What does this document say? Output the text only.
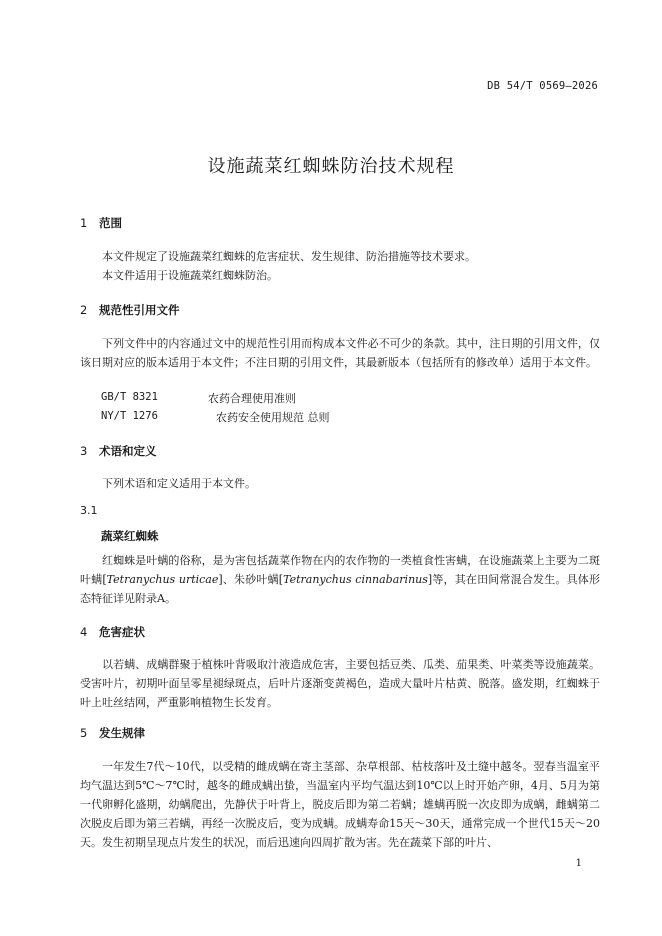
DB 54/T 0569—2026
设施蔬菜红蜘蛛防治技术规程
1 范围
本文件规定了设施蔬菜红蜘蛛的危害症状、发生规律、防治措施等技术要求。
本文件适用于设施蔬菜红蜘蛛防治。
2 规范性引用文件
下列文件中的内容通过文中的规范性引用而构成本文件必不可少的条款。其中，注日期的引用文件，仅该日期对应的版本适用于本文件；不注日期的引用文件，其最新版本（包括所有的修改单）适用于本文件。
GB/T 8321	农药合理使用准则
NY/T 1276	农药安全使用规范 总则
3 术语和定义
下列术语和定义适用于本文件。
3.1
蔬菜红蜘蛛
红蜘蛛是叶螨的俗称，是为害包括蔬菜作物在内的农作物的一类植食性害螨，在设施蔬菜上主要为二斑叶螨[Tetranychus urticae]、朱砂叶螨[Tetranychus cinnabarinus]等，其在田间常混合发生。具体形态特征详见附录A。
4 危害症状
以若螨、成螨群聚于植株叶背吸取汁液造成危害，主要包括豆类、瓜类、茄果类、叶菜类等设施蔬菜。受害叶片，初期叶面呈零星褪绿斑点，后叶片逐渐变黄褐色，造成大量叶片枯黄、脱落。盛发期，红蜘蛛于叶上吐丝结网，严重影响植物生长发育。
5 发生规律
一年发生7代～10代，以受精的雌成螨在寄主茎部、杂草根部、枯枝落叶及土缝中越冬。翌春当温室平均气温达到5℃～7℃时，越冬的雌成螨出蛰，当温室内平均气温达到10℃以上时开始产卵，4月、5月为第一代卵孵化盛期，幼螨爬出，先静伏于叶背上，脱皮后即为第二若螨；雄螨再脱一次皮即为成螨，雌螨第二次脱皮后即为第三若螨，再经一次脱皮后，变为成螨。成螨寿命15天～30天，通常完成一个世代15天～20天。发生初期呈现点片发生的状况，而后迅速向四周扩散为害。先在蔬菜下部的叶片、
1
